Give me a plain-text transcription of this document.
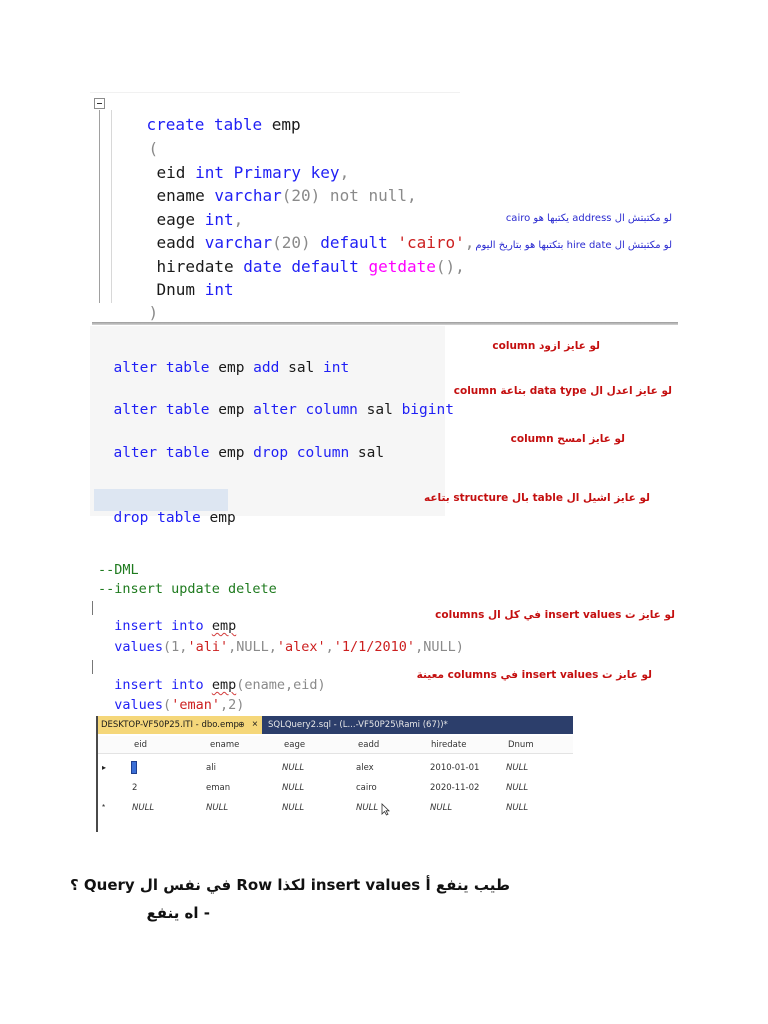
create table emp

(

eid int Primary key,

ename varchar(20) not null,

eage int,

eadd varchar(20) default 'cairo',

hiredate date default getdate(),

Dnum int

)

لو مكتبتش ال address يكتبها هو cairo
لو مكتبتش ال hire date بتكتبها هو بتاريخ اليوم

alter table emp add sal int

alter table emp alter column sal bigint

alter table emp drop column sal

drop table emp

لو عايز ازود column
لو عايز اعدل ال data type بتاعة column
لو عايز امسح column
لو عايز اشيل ال table بال structure بتاعه
--DML
--insert update delete

insert into emp

values(1,'ali',NULL,'alex','1/1/2010',NULL)

insert into emp(ename,eid)

values('eman',2)

لو عايز ت insert values في كل ال columns
لو عايز ت insert values في columns معينة
DESKTOP-VF50P25.ITI - dbo.emp ⊕ × SQLQuery2.sql - (L...-VF50P25\Rami (67))*
eid	ename	eage	eadd	hiredate	Dnum
▸	ali	NULL	alex	2010-01-01	NULL
2	eman	NULL	cairo	2020-11-02	NULL
*	NULL	NULL	NULL	NULL	NULL	NULL
طيب ينفع أ insert values لكذا Row في نفس ال Query ؟
- اه ينفع
